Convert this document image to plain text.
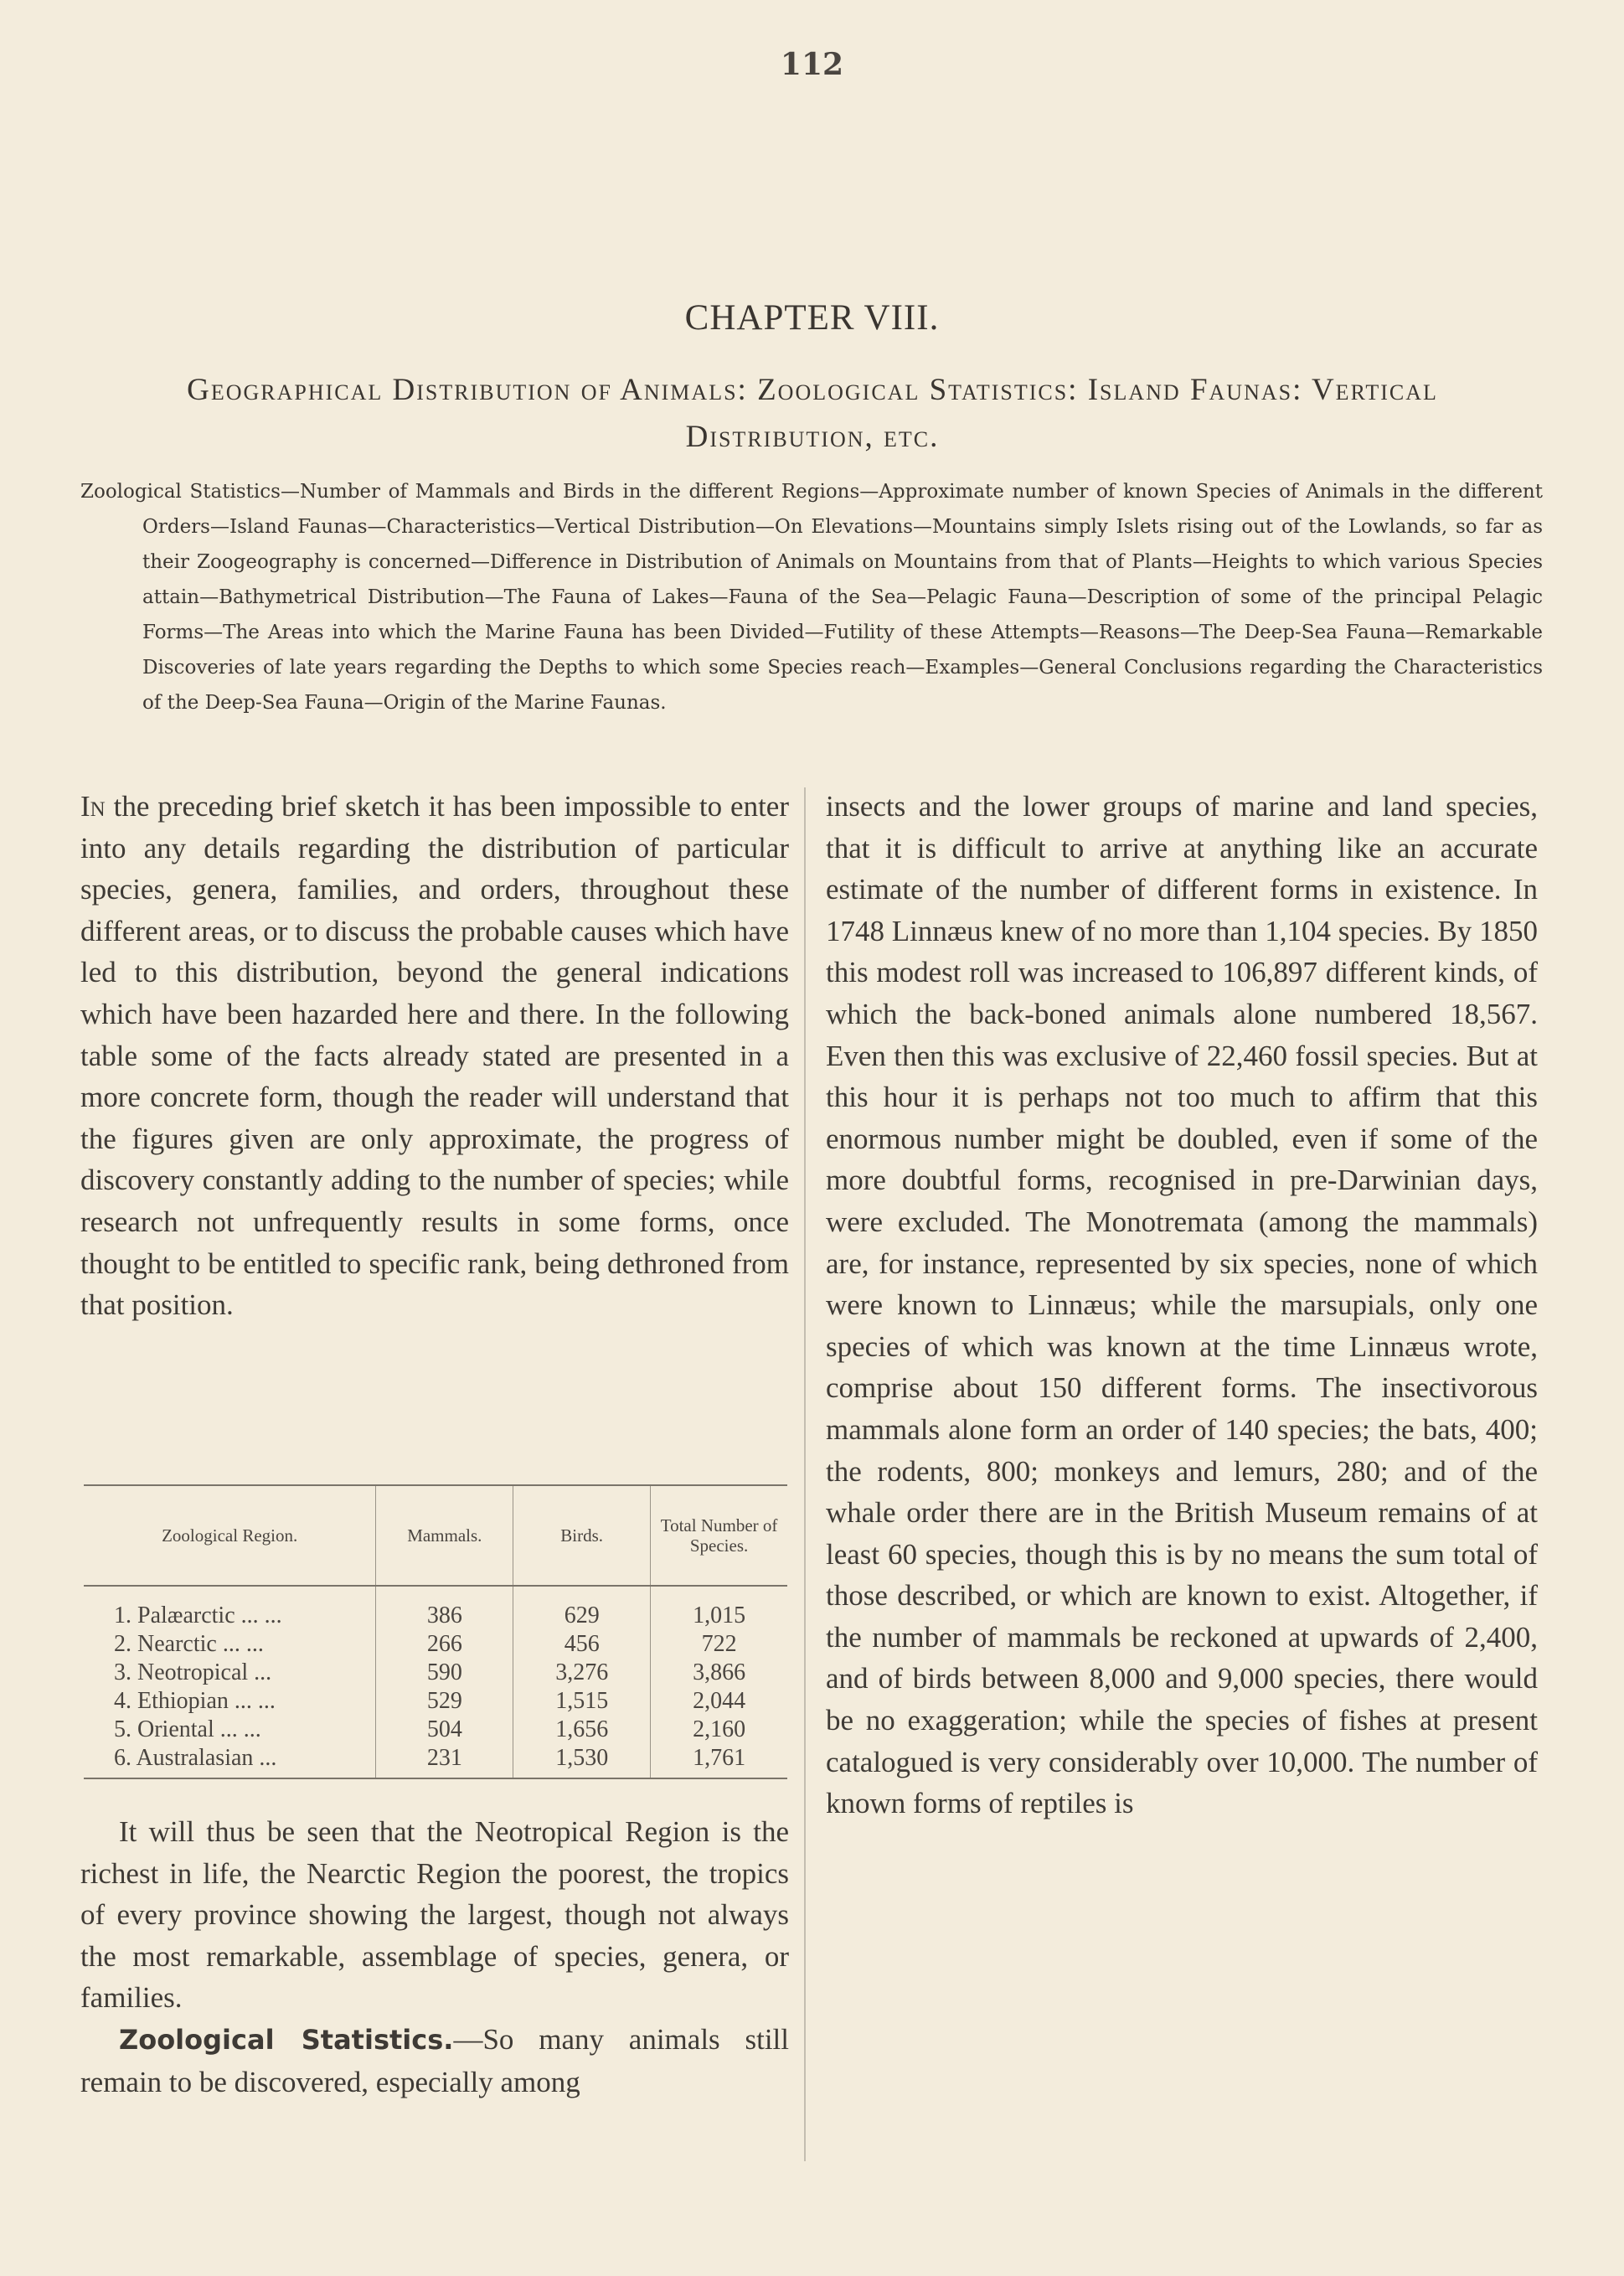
112
CHAPTER VIII.
Geographical Distribution of Animals: Zoological Statistics: Island Faunas: Vertical Distribution, etc.

Zoological Statistics—Number of Mammals and Birds in the different Regions—Approximate number of known Species of Animals in the different Orders—Island Faunas—Characteristics—Vertical Distribution—On Elevations—Mountains simply Islets rising out of the Lowlands, so far as their Zoogeography is concerned—Difference in Distribution of Animals on Mountains from that of Plants—Heights to which various Species attain—Bathymetrical Distribution—The Fauna of Lakes—Fauna of the Sea—Pelagic Fauna—Description of some of the principal Pelagic Forms—The Areas into which the Marine Fauna has been Divided—Futility of these Attempts—Reasons—The Deep-Sea Fauna—Remarkable Discoveries of late years regarding the Depths to which some Species reach—Examples—General Conclusions regarding the Characteristics of the Deep-Sea Fauna—Origin of the Marine Faunas.

In the preceding brief sketch it has been impossible to enter into any details regarding the distribution of particular species, genera, families, and orders, throughout these different areas, or to discuss the probable causes which have led to this distribution, beyond the general indications which have been hazarded here and there. In the following table some of the facts already stated are presented in a more concrete form, though the reader will understand that the figures given are only approximate, the progress of discovery constantly adding to the number of species; while research not unfrequently results in some forms, once thought to be entitled to specific rank, being dethroned from that position.

Zoological Region.	Mammals.	Birds.	Total Number of Species.

1. Palæarctic ... ...	386	629	1,015
2. Nearctic ... ...	266	456	722
3. Neotropical ...	590	3,276	3,866
4. Ethiopian ... ...	529	1,515	2,044
5. Oriental ... ...	504	1,656	2,160
6. Australasian ...	231	1,530	1,761

It will thus be seen that the Neotropical Region is the richest in life, the Nearctic Region the poorest, the tropics of every province showing the largest, though not always the most remarkable, assemblage of species, genera, or families.

Zoological Statistics.—So many animals still remain to be discovered, especially among

insects and the lower groups of marine and land species, that it is difficult to arrive at anything like an accurate estimate of the number of different forms in existence. In 1748 Linnæus knew of no more than 1,104 species. By 1850 this modest roll was increased to 106,897 different kinds, of which the back-boned animals alone numbered 18,567. Even then this was exclusive of 22,460 fossil species. But at this hour it is perhaps not too much to affirm that this enormous number might be doubled, even if some of the more doubtful forms, recognised in pre-Darwinian days, were excluded. The Monotremata (among the mammals) are, for instance, represented by six species, none of which were known to Linnæus; while the marsupials, only one species of which was known at the time Linnæus wrote, comprise about 150 different forms. The insectivorous mammals alone form an order of 140 species; the bats, 400; the rodents, 800; monkeys and lemurs, 280; and of the whale order there are in the British Museum remains of at least 60 species, though this is by no means the sum total of those described, or which are known to exist. Altogether, if the number of mammals be reckoned at upwards of 2,400, and of birds between 8,000 and 9,000 species, there would be no exaggeration; while the species of fishes at present catalogued is very considerably over 10,000. The number of known forms of reptiles is
